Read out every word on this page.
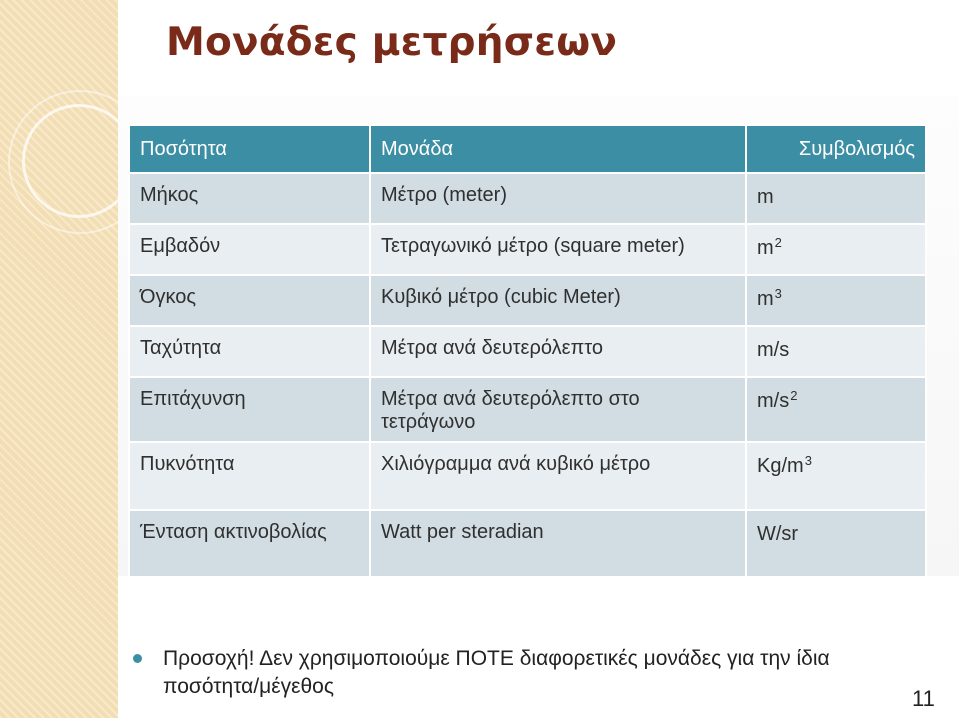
Μονάδες μετρήσεων
Ποσότητα	Μονάδα	Συμβολισμός
Μήκος	Μέτρο (meter)	m
Εμβαδόν	Τετραγωνικό μέτρο (square meter)	$m^2$
Όγκος	Κυβικό μέτρο (cubic Meter)	$m^3$
Ταχύτητα	Μέτρα ανά δευτερόλεπτο	m/s
Επιτάχυνση	Μέτρα ανά δευτερόλεπτο στο τετράγωνο	$m/s^2$
Πυκνότητα	Χιλιόγραμμα ανά κυβικό μέτρο	$Kg/m^3$
Ένταση ακτινοβολίας	Watt per steradian	W/sr
Προσοχή! Δεν χρησιμοποιούμε ΠΟΤΕ διαφορετικές μονάδες για την ίδια ποσότητα/μέγεθος	11
